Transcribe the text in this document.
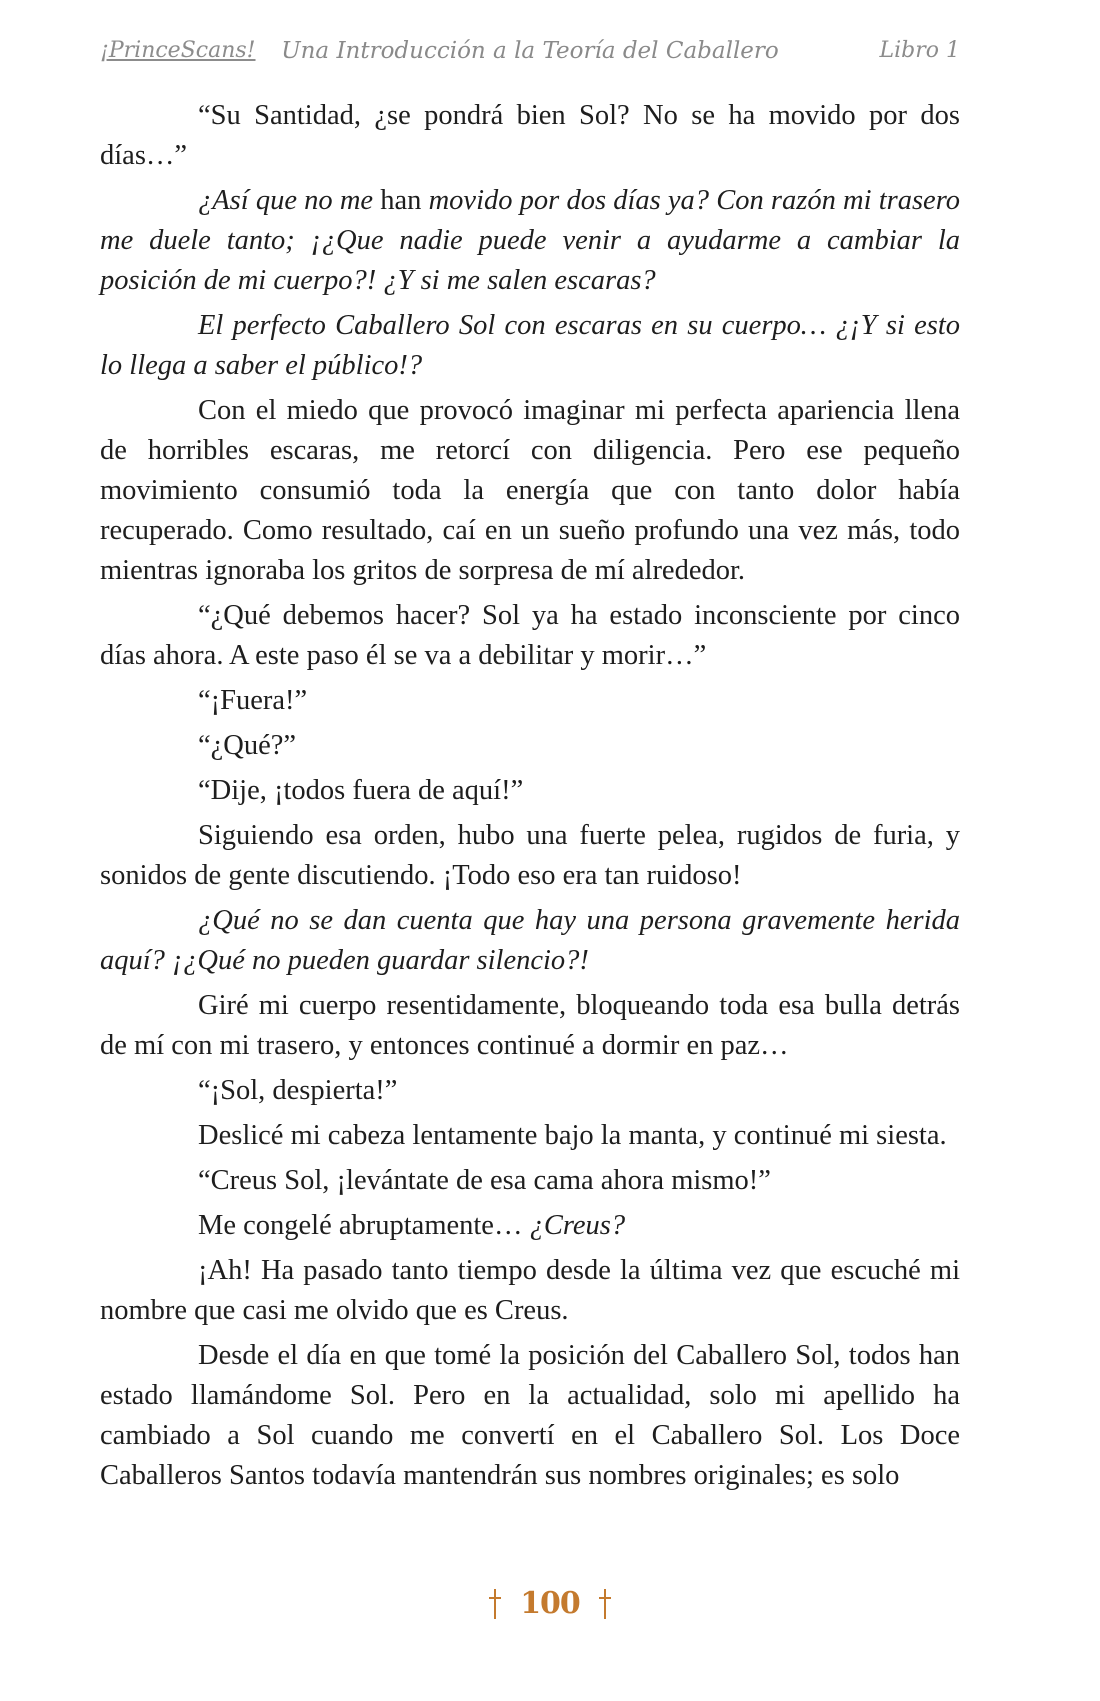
¡PrinceScans!	Una Introducción a la Teoría del Caballero	Libro 1

“Su Santidad, ¿se pondrá bien Sol? No se ha movido por dos días…”

¿Así que no me han movido por dos días ya? Con razón mi trasero me duele tanto; ¡¿Que nadie puede venir a ayudarme a cambiar la posición de mi cuerpo?! ¿Y si me salen escaras?

El perfecto Caballero Sol con escaras en su cuerpo… ¿¡Y si esto lo llega a saber el público!?

Con el miedo que provocó imaginar mi perfecta apariencia llena de horribles escaras, me retorcí con diligencia. Pero ese pequeño movimiento consumió toda la energía que con tanto dolor había recuperado. Como resultado, caí en un sueño profundo una vez más, todo mientras ignoraba los gritos de sorpresa de mí alrededor.

“¿Qué debemos hacer? Sol ya ha estado inconsciente por cinco días ahora. A este paso él se va a debilitar y morir…”

“¡Fuera!”

“¿Qué?”

“Dije, ¡todos fuera de aquí!”

Siguiendo esa orden, hubo una fuerte pelea, rugidos de furia, y sonidos de gente discutiendo. ¡Todo eso era tan ruidoso!

¿Qué no se dan cuenta que hay una persona gravemente herida aquí? ¡¿Qué no pueden guardar silencio?!

Giré mi cuerpo resentidamente, bloqueando toda esa bulla detrás de mí con mi trasero, y entonces continué a dormir en paz…

“¡Sol, despierta!”

Deslicé mi cabeza lentamente bajo la manta, y continué mi siesta.

“Creus Sol, ¡levántate de esa cama ahora mismo!”

Me congelé abruptamente… ¿Creus?

¡Ah! Ha pasado tanto tiempo desde la última vez que escuché mi nombre que casi me olvido que es Creus.

Desde el día en que tomé la posición del Caballero Sol, todos han estado llamándome Sol. Pero en la actualidad, solo mi apellido ha cambiado a Sol cuando me convertí en el Caballero Sol. Los Doce Caballeros Santos todavía mantendrán sus nombres originales; es solo

100
